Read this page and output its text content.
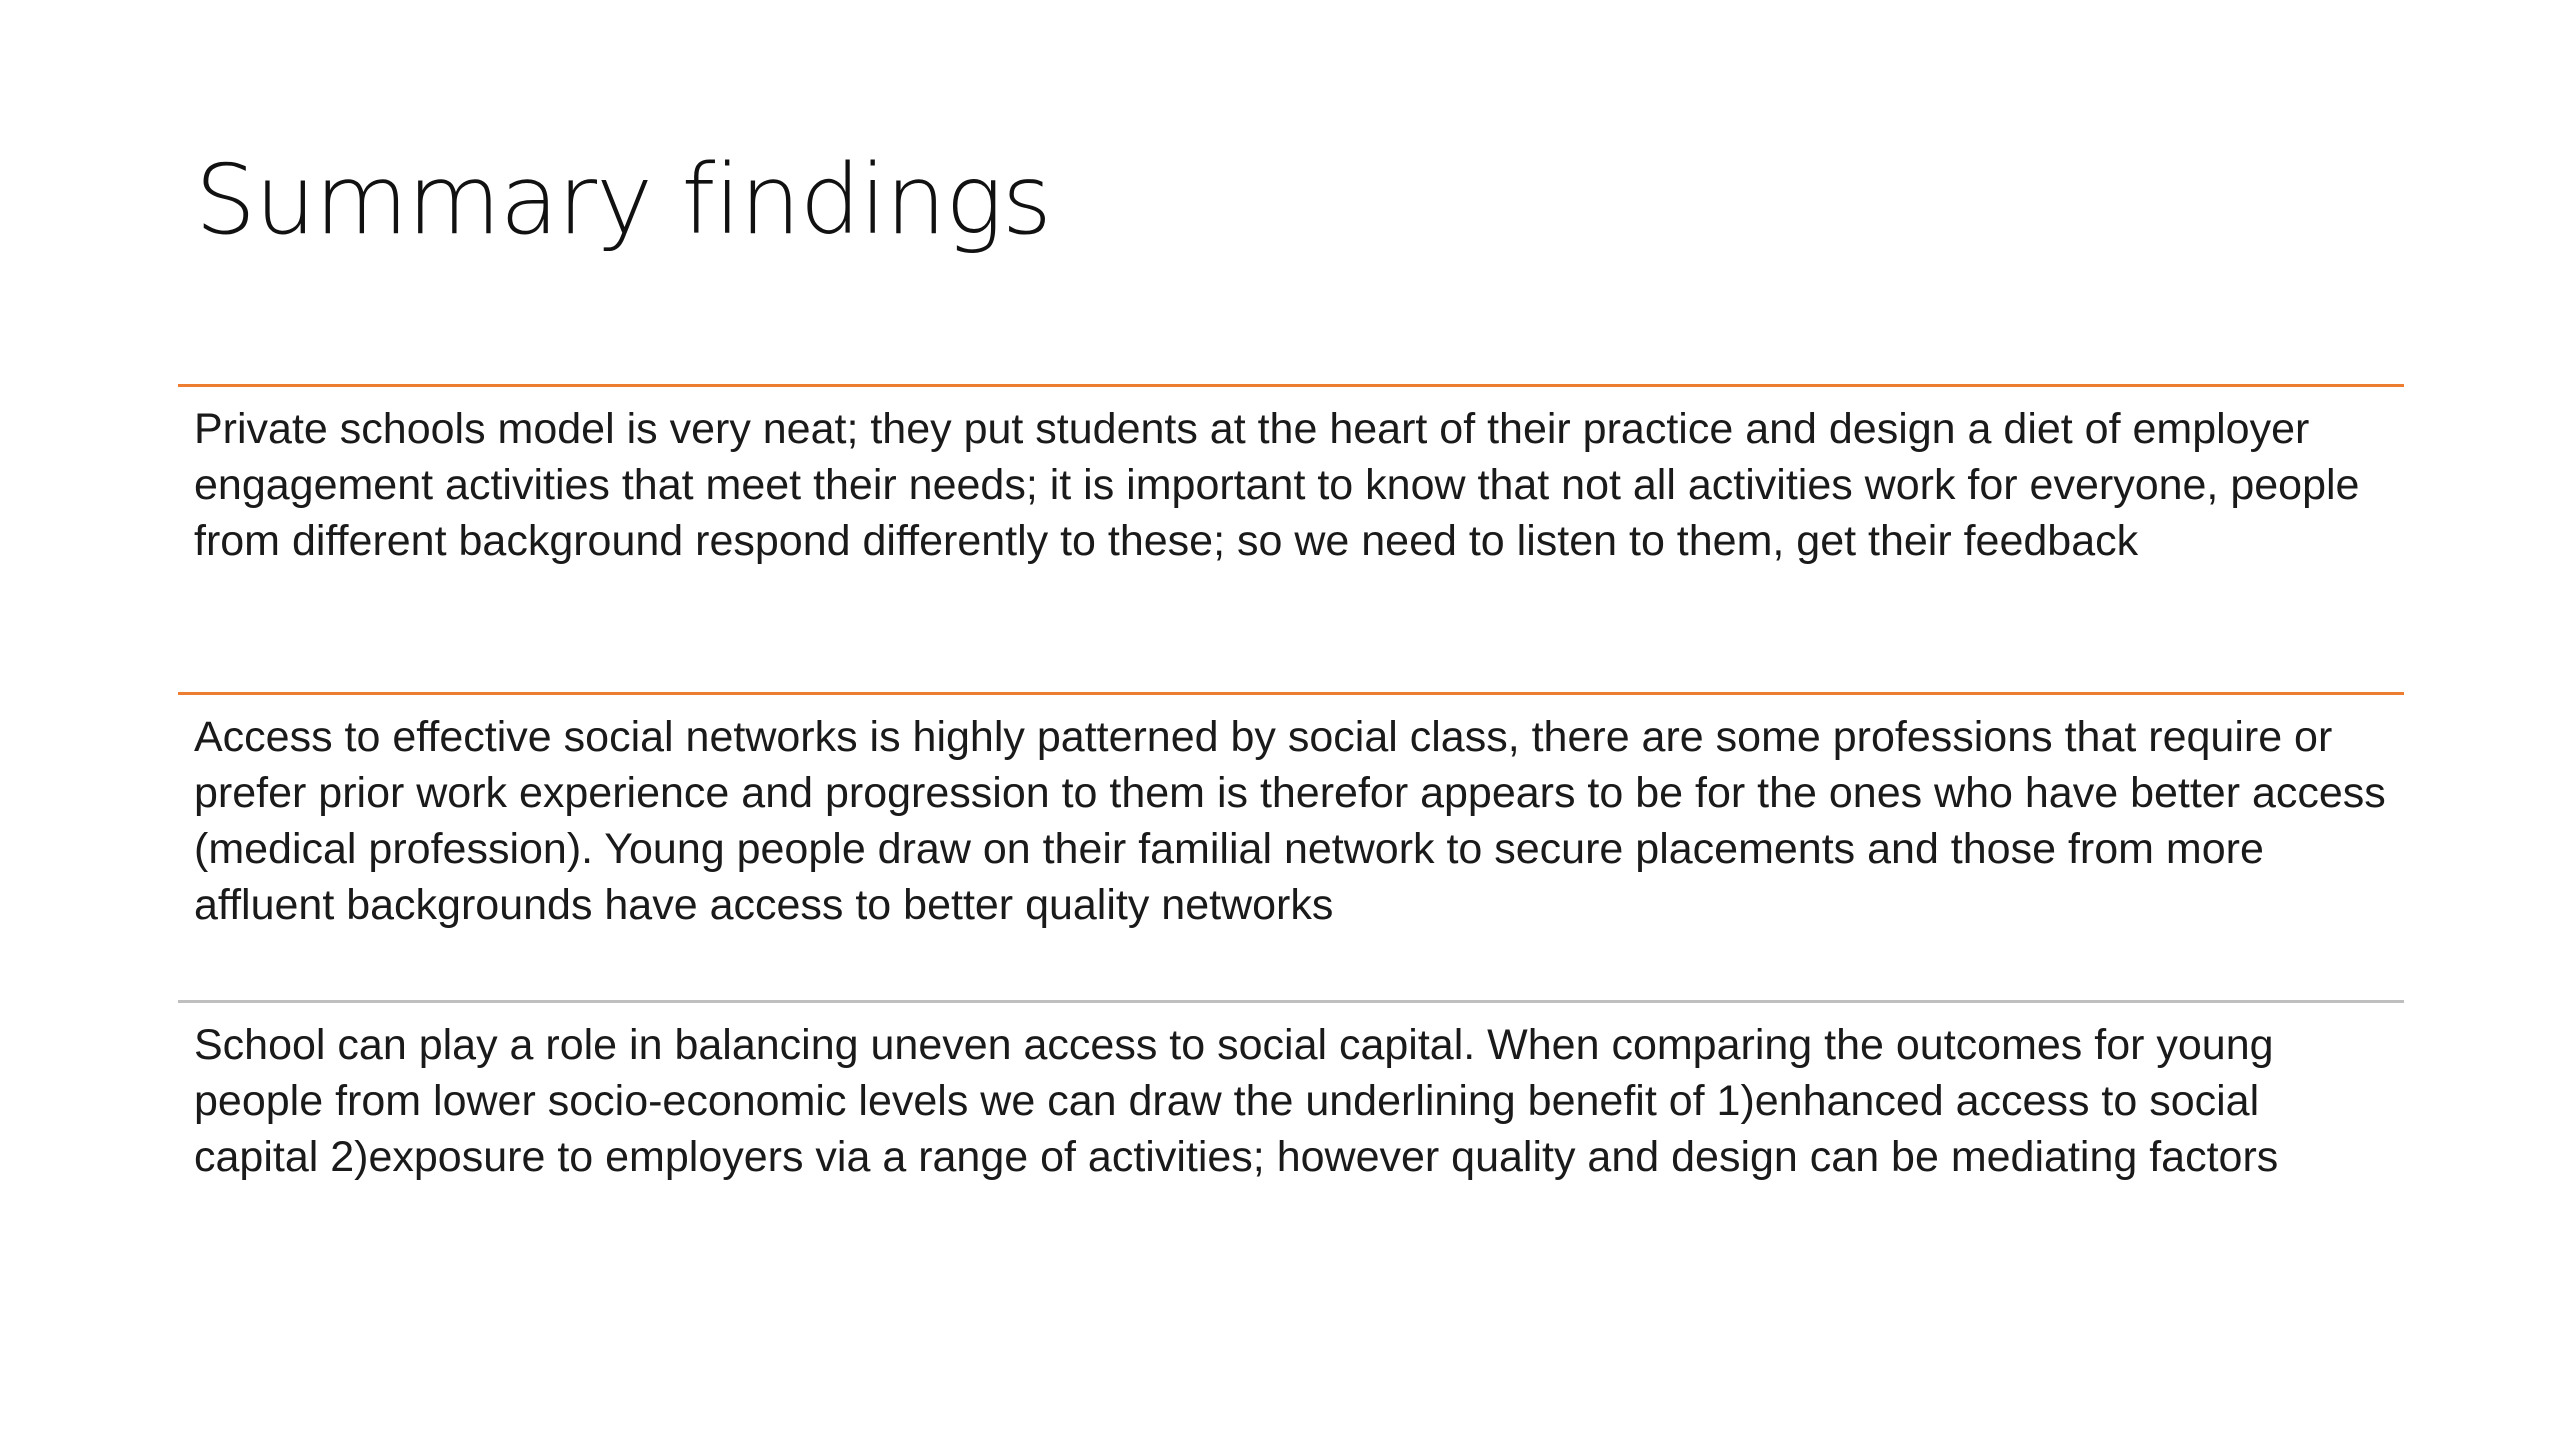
Summary findings

Private schools model is very neat; they put students at the heart of their practice and design a diet of employer engagement activities that meet their needs; it is important to know that not all activities work for everyone, people from different background respond differently to these; so we need to listen to them, get their feedback

Access to effective social networks is highly patterned by social class, there are some professions that require or prefer prior work experience and progression to them is therefor appears to be for the ones who have better access (medical profession). Young people draw on their familial network to secure placements and those from more affluent backgrounds have access to better quality networks

School can play a role in balancing uneven access to social capital. When comparing the outcomes for young people from lower socio-economic levels we can draw the underlining benefit of 1)enhanced access to social capital 2)exposure to employers via a range of activities; however quality and design can be mediating factors
